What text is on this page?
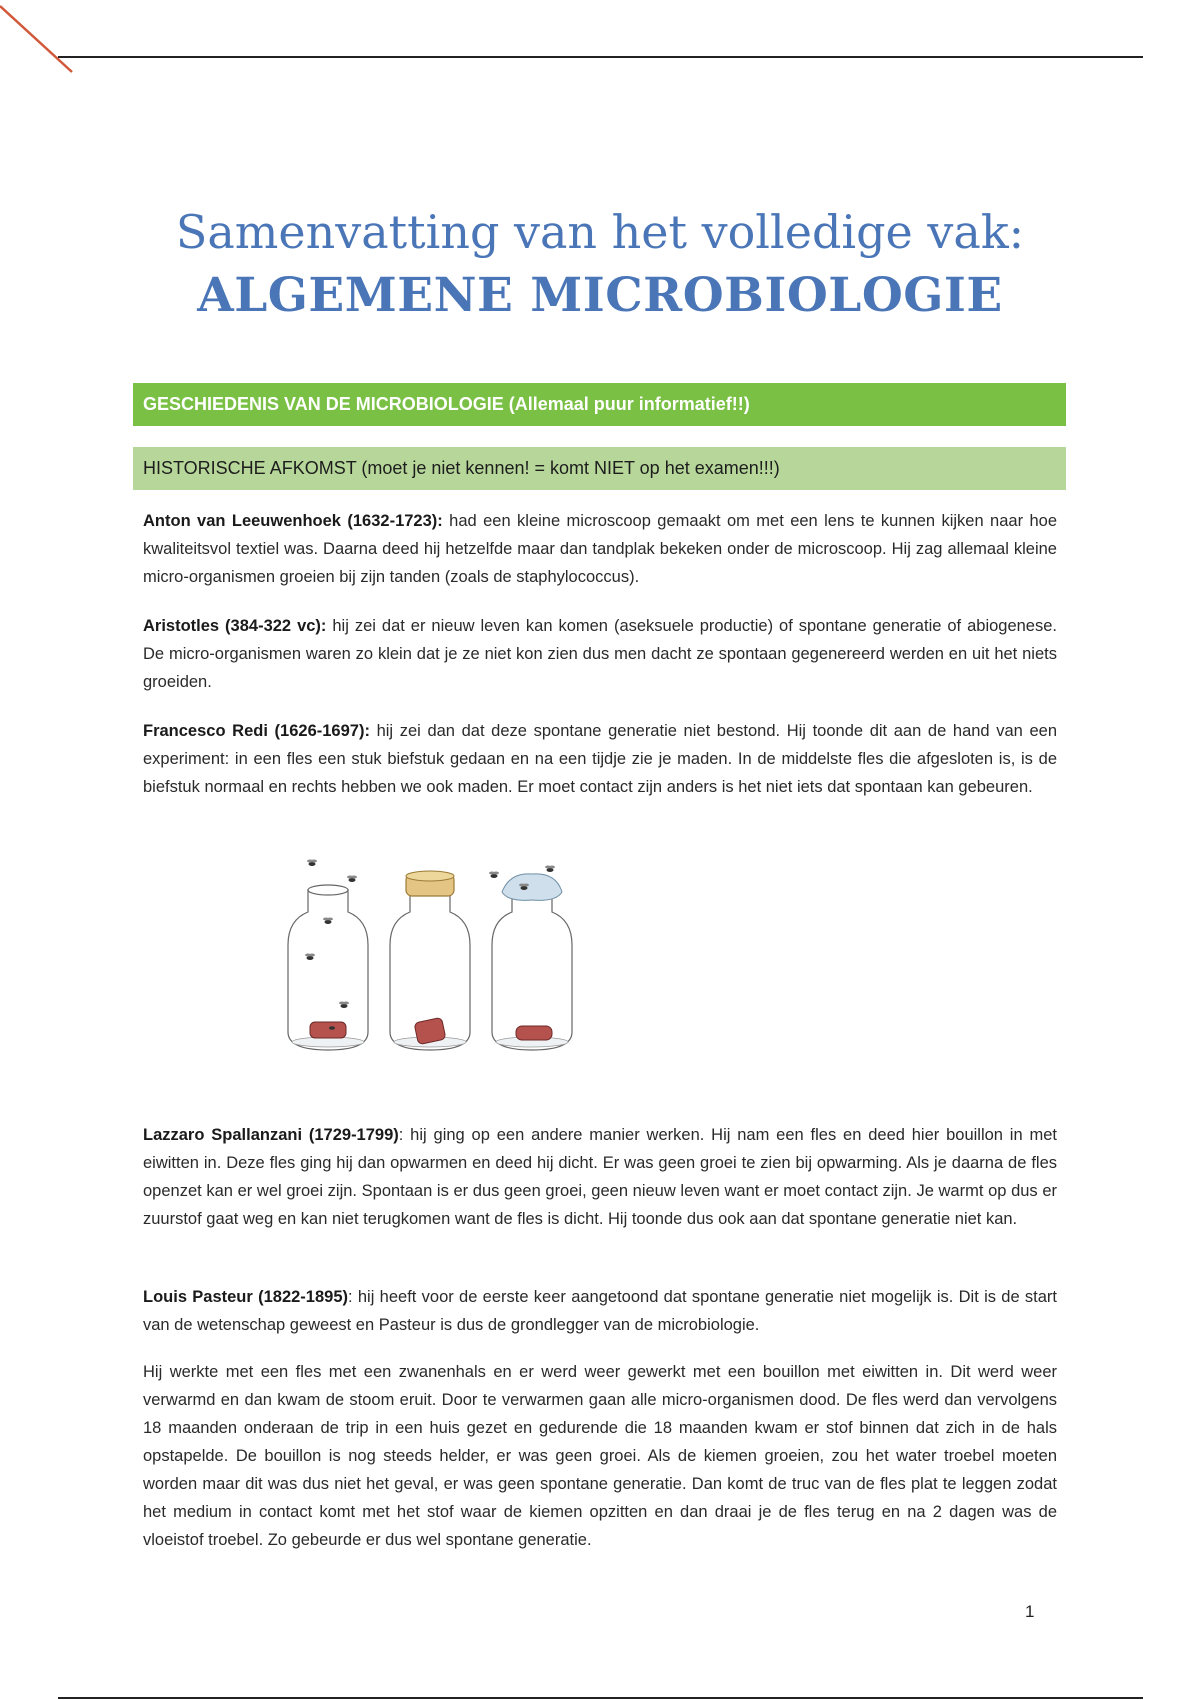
Samenvatting van het volledige vak:
ALGEMENE MICROBIOLOGIE
GESCHIEDENIS VAN DE MICROBIOLOGIE (Allemaal puur informatief!!)
HISTORISCHE AFKOMST (moet je niet kennen! = komt NIET op het examen!!!)

Anton van Leeuwenhoek (1632-1723): had een kleine microscoop gemaakt om met een lens te kunnen kijken naar hoe kwaliteitsvol textiel was. Daarna deed hij hetzelfde maar dan tandplak bekeken onder de microscoop. Hij zag allemaal kleine micro-organismen groeien bij zijn tanden (zoals de staphylococcus).

Aristotles (384-322 vc): hij zei dat er nieuw leven kan komen (aseksuele productie) of spontane generatie of abiogenese. De micro-organismen waren zo klein dat je ze niet kon zien dus men dacht ze spontaan gegenereerd werden en uit het niets groeiden.

Francesco Redi (1626-1697): hij zei dan dat deze spontane generatie niet bestond. Hij toonde dit aan de hand van een experiment: in een fles een stuk biefstuk gedaan en na een tijdje zie je maden. In de middelste fles die afgesloten is, is de biefstuk normaal en rechts hebben we ook maden. Er moet contact zijn anders is het niet iets dat spontaan kan gebeuren.

Lazzaro Spallanzani (1729-1799): hij ging op een andere manier werken. Hij nam een fles en deed hier bouillon in met eiwitten in. Deze fles ging hij dan opwarmen en deed hij dicht. Er was geen groei te zien bij opwarming. Als je daarna de fles openzet kan er wel groei zijn. Spontaan is er dus geen groei, geen nieuw leven want er moet contact zijn. Je warmt op dus er zuurstof gaat weg en kan niet terugkomen want de fles is dicht. Hij toonde dus ook aan dat spontane generatie niet kan.

Louis Pasteur (1822-1895): hij heeft voor de eerste keer aangetoond dat spontane generatie niet mogelijk is. Dit is de start van de wetenschap geweest en Pasteur is dus de grondlegger van de microbiologie.

Hij werkte met een fles met een zwanenhals en er werd weer gewerkt met een bouillon met eiwitten in. Dit werd weer verwarmd en dan kwam de stoom eruit. Door te verwarmen gaan alle micro-organismen dood. De fles werd dan vervolgens 18 maanden onderaan de trip in een huis gezet en gedurende die 18 maanden kwam er stof binnen dat zich in de hals opstapelde. De bouillon is nog steeds helder, er was geen groei. Als de kiemen groeien, zou het water troebel moeten worden maar dit was dus niet het geval, er was geen spontane generatie. Dan komt de truc van de fles plat te leggen zodat het medium in contact komt met het stof waar de kiemen opzitten en dan draai je de fles terug en na 2 dagen was de vloeistof troebel. Zo gebeurde er dus wel spontane generatie.

1
